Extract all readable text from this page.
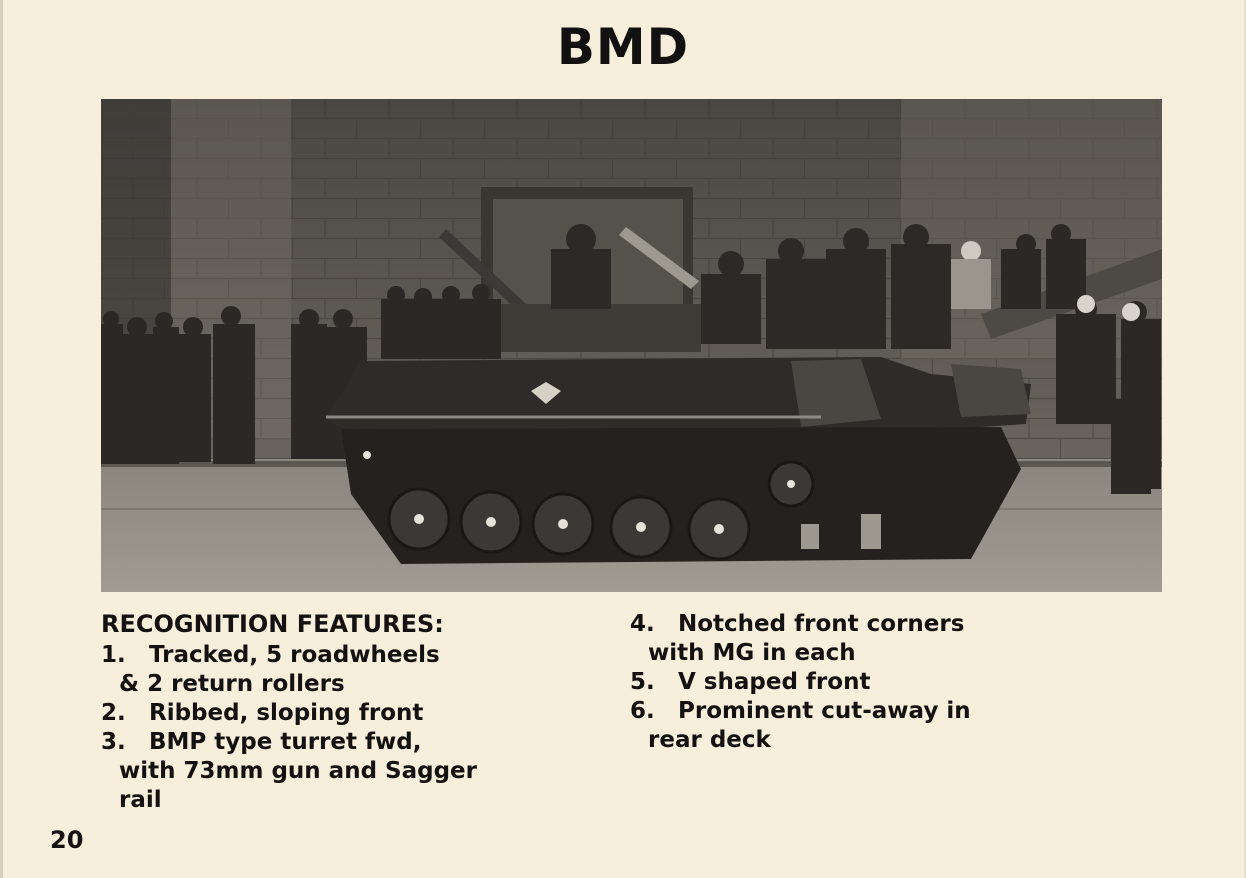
BMD
RECOGNITION FEATURES:
1.	Tracked, 5 roadwheels
& 2 return rollers
2.	Ribbed, sloping front
3.	BMP type turret fwd,
with 73mm gun and Sagger
rail
4.	Notched front corners
with MG in each
5.	V shaped front
6.	Prominent cut-away in
rear deck
20
